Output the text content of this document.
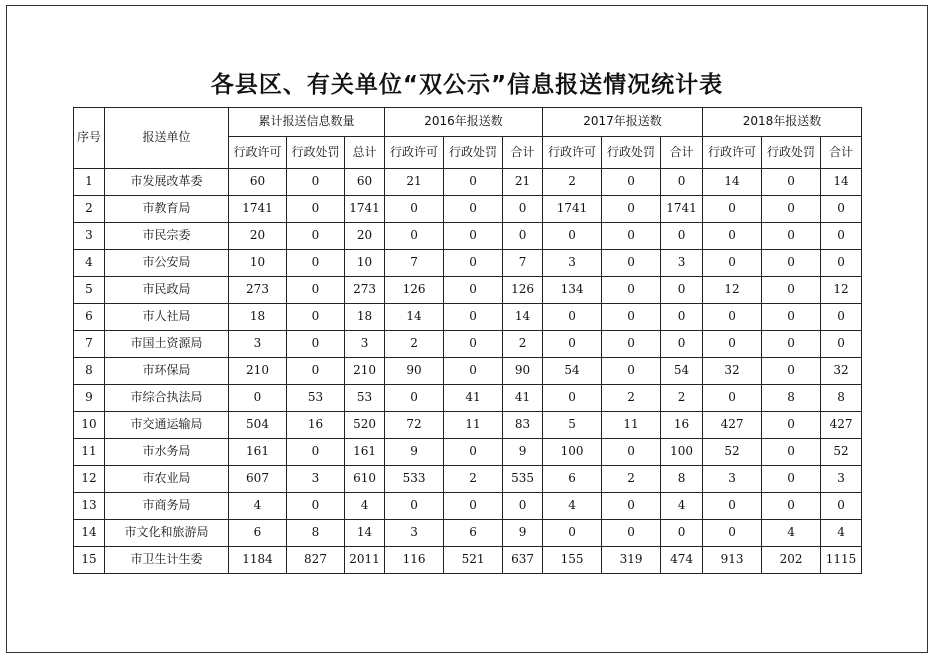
各县区、有关单位“双公示”信息报送情况统计表
序号	报送单位	累计报送信息数量			2016年报送数			2017年报送数			2018年报送数		
		行政许可	行政处罚	总计	行政许可	行政处罚	合计	行政许可	行政处罚	合计	行政许可	行政处罚	合计
1	市发展改革委	60	0	60	21	0	21	2	0	0	14	0	14
2	市教育局	1741	0	1741	0	0	0	1741	0	1741	0	0	0
3	市民宗委	20	0	20	0	0	0	0	0	0	0	0	0
4	市公安局	10	0	10	7	0	7	3	0	3	0	0	0
5	市民政局	273	0	273	126	0	126	134	0	0	12	0	12
6	市人社局	18	0	18	14	0	14	0	0	0	0	0	0
7	市国土资源局	3	0	3	2	0	2	0	0	0	0	0	0
8	市环保局	210	0	210	90	0	90	54	0	54	32	0	32
9	市综合执法局	0	53	53	0	41	41	0	2	2	0	8	8
10	市交通运输局	504	16	520	72	11	83	5	11	16	427	0	427
11	市水务局	161	0	161	9	0	9	100	0	100	52	0	52
12	市农业局	607	3	610	533	2	535	6	2	8	3	0	3
13	市商务局	4	0	4	0	0	0	4	0	4	0	0	0
14	市文化和旅游局	6	8	14	3	6	9	0	0	0	0	4	4
15	市卫生计生委	1184	827	2011	116	521	637	155	319	474	913	202	1115
